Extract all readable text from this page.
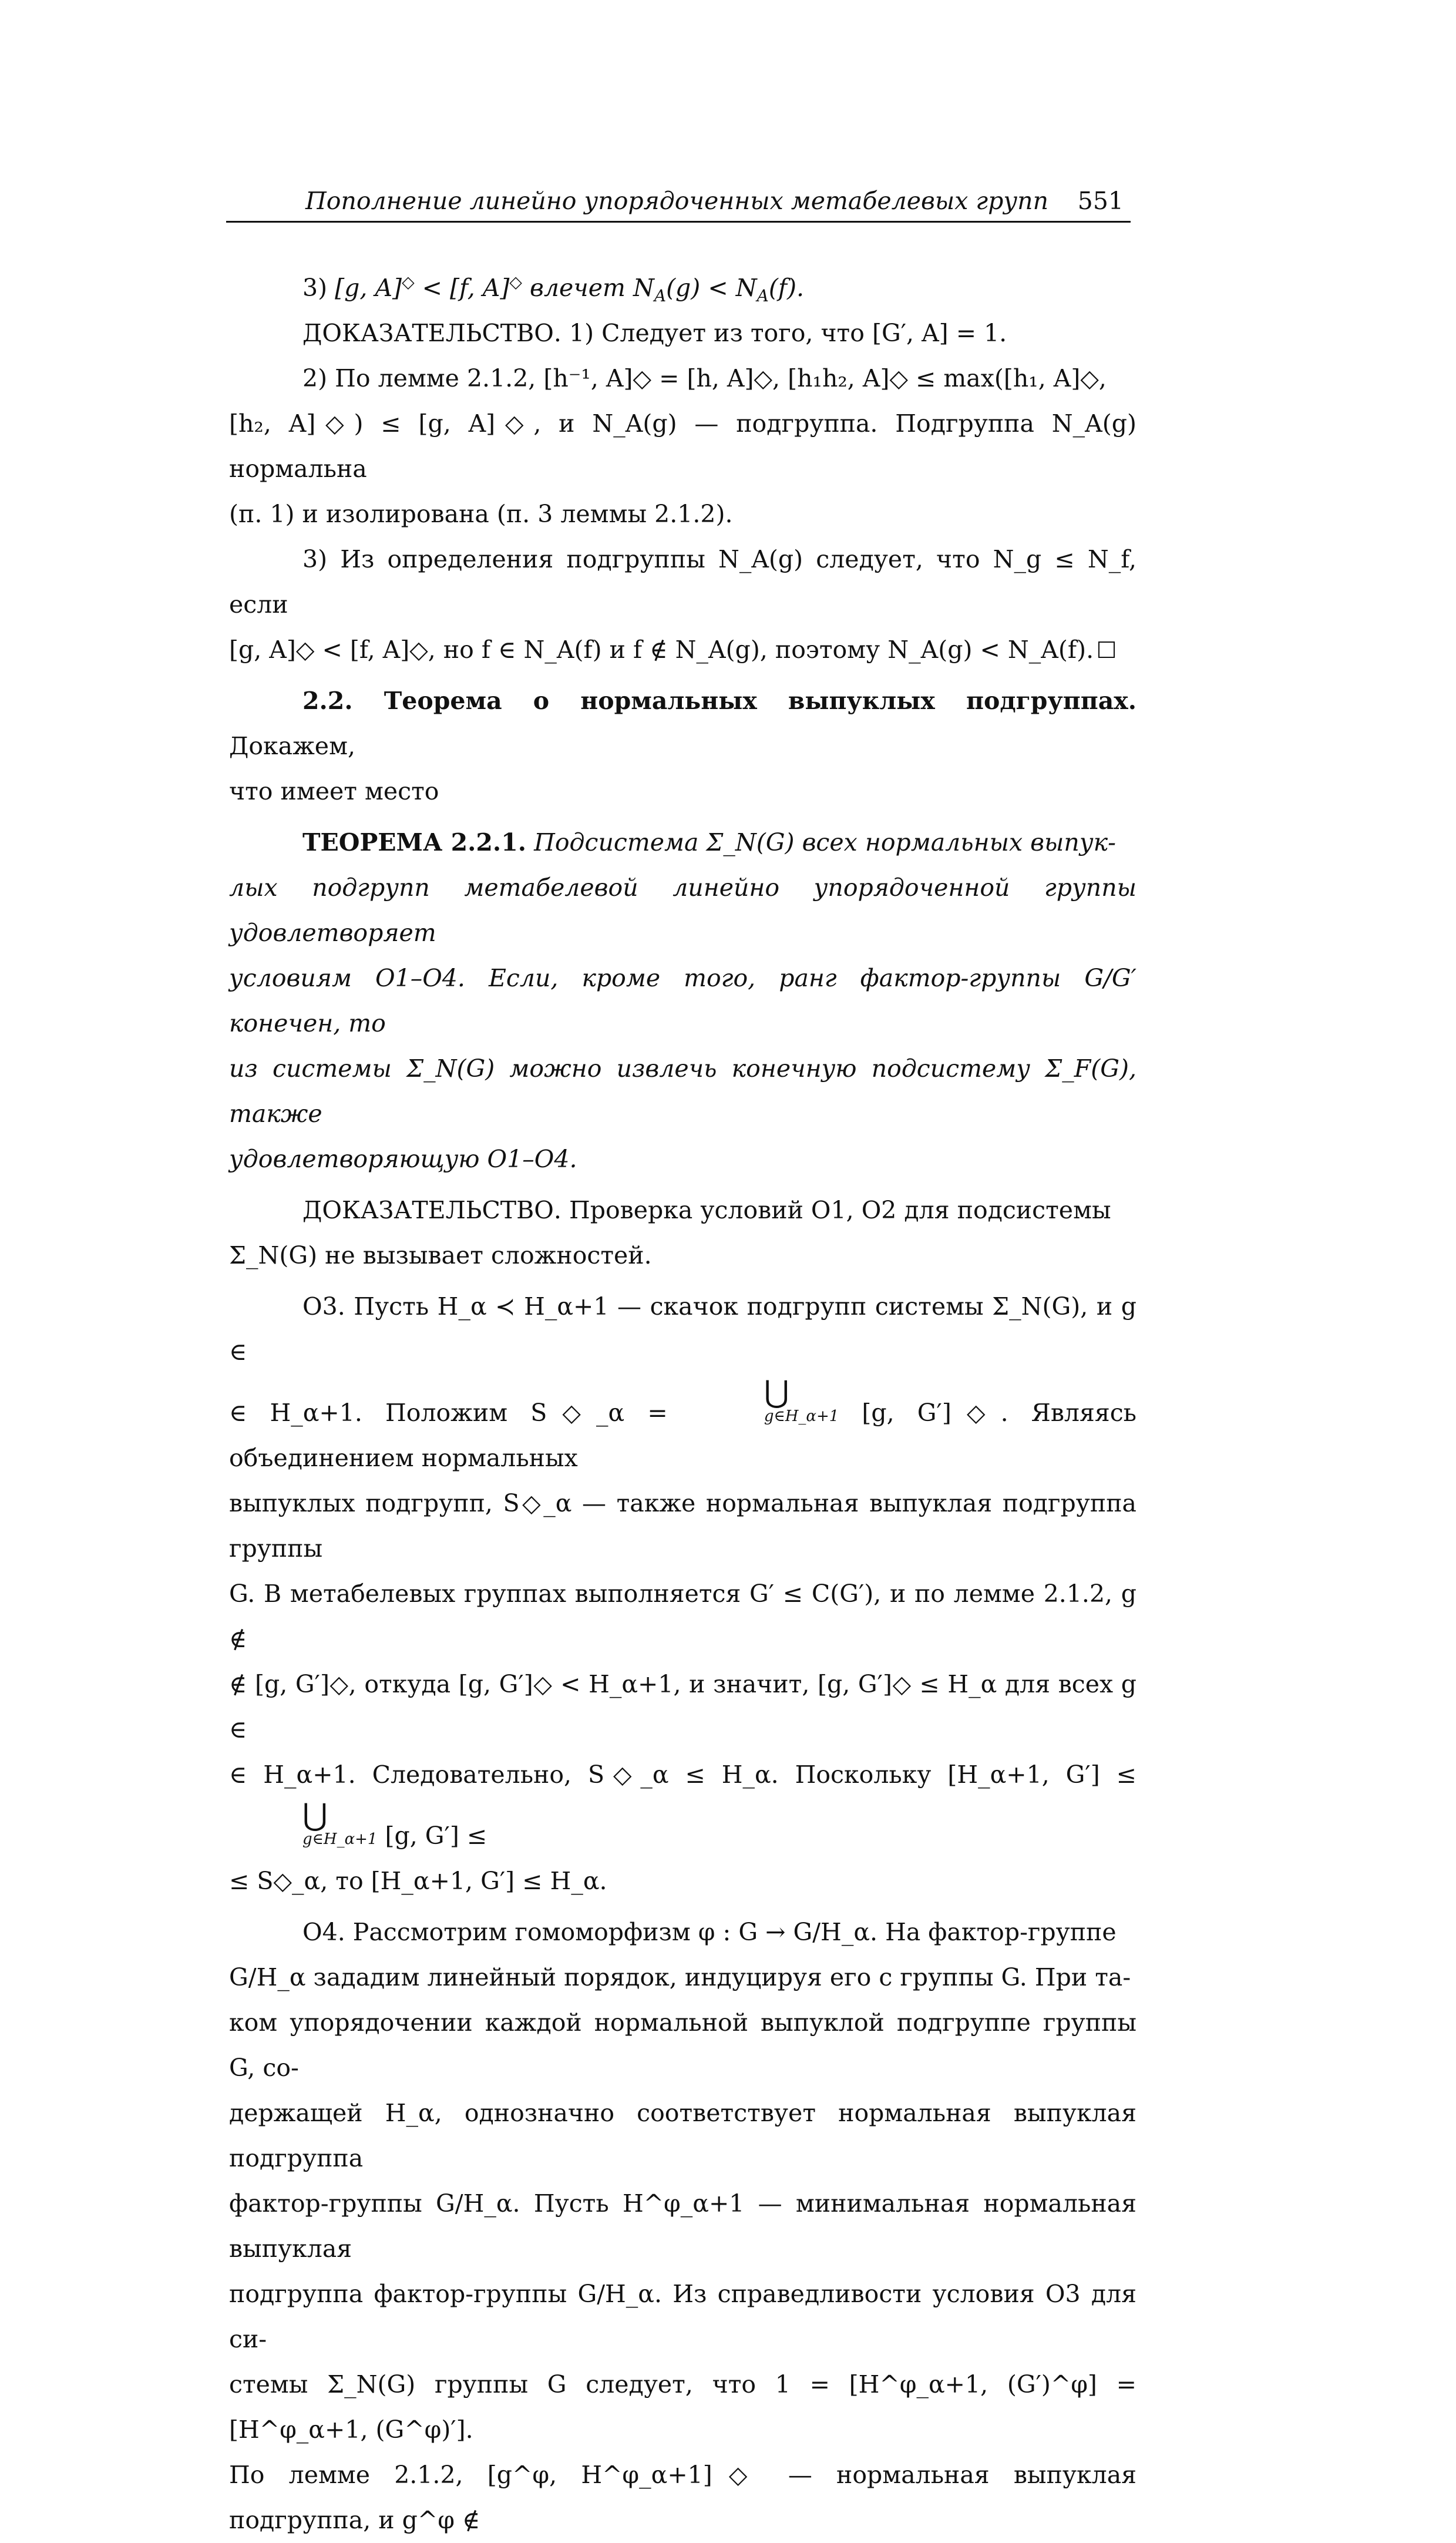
Пополнение линейно упорядоченных метабелевых групп 551

3) [g, A]◇ < [f, A]◇ влечет $N_A(g) < N_A(f)$.

ДОКАЗАТЕЛЬСТВО. 1) Следует из того, что [G′, A] = 1.

2) По лемме 2.1.2, [h⁻¹, A]◇ = [h, A]◇, [h₁h₂, A]◇ ≤ max([h₁, A]◇,
[h₂, A]◇) ≤ [g, A]◇, и N_A(g) — подгруппа. Подгруппа N_A(g) нормальна
(п. 1) и изолирована (п. 3 леммы 2.1.2).

3) Из определения подгруппы N_A(g) следует, что N_g ≤ N_f, если
[g, A]◇ < [f, A]◇, но f ∈ N_A(f) и f ∉ N_A(g), поэтому N_A(g) < N_A(f).

2.2. Теорема о нормальных выпуклых подгруппах. Докажем,
что имеет место

ТЕОРЕМА 2.2.1. Подсистема Σ_N(G) всех нормальных выпук-
лых подгрупп метабелевой линейно упорядоченной группы удовлетворяет
условиям О1–О4. Если, кроме того, ранг фактор-группы G/G′ конечен, то
из системы Σ_N(G) можно извлечь конечную подсистему Σ_F(G), также
удовлетворяющую О1–О4.

ДОКАЗАТЕЛЬСТВО. Проверка условий О1, О2 для подсистемы
Σ_N(G) не вызывает сложностей.

О3. Пусть H_α ≺ H_α+1 — скачок подгрупп системы Σ_N(G), и g ∈
∈ H_α+1. Положим S◇_α =
⋃
g∈H_α+1 [g, G′]◇. Являясь объединением нормальных
выпуклых подгрупп, S◇_α — также нормальная выпуклая подгруппа группы
G. В метабелевых группах выполняется G′ ≤ C(G′), и по лемме 2.1.2, g ∉
∉ [g, G′]◇, откуда [g, G′]◇ < H_α+1, и значит, [g, G′]◇ ≤ H_α для всех g ∈
∈ H_α+1. Следовательно, S◇_α ≤ H_α. Поскольку [H_α+1, G′] ≤
⋃
g∈H_α+1 [g, G′] ≤
≤ S◇_α, то [H_α+1, G′] ≤ H_α.

О4. Рассмотрим гомоморфизм φ : G → G/H_α. На фактор-группе
G/H_α зададим линейный порядок, индуцируя его с группы G. При та-
ком упорядочении каждой нормальной выпуклой подгруппе группы G, со-
держащей H_α, однозначно соответствует нормальная выпуклая подгруппа
фактор-группы G/H_α. Пусть H^φ_α+1 — минимальная нормальная выпуклая
подгруппа фактор-группы G/H_α. Из справедливости условия О3 для си-
стемы Σ_N(G) группы G следует, что 1 = [H^φ_α+1, (G′)^φ] = [H^φ_α+1, (G^φ)′].
По лемме 2.1.2, [g^φ, H^φ_α+1]◇ — нормальная выпуклая подгруппа, и g^φ ∉
